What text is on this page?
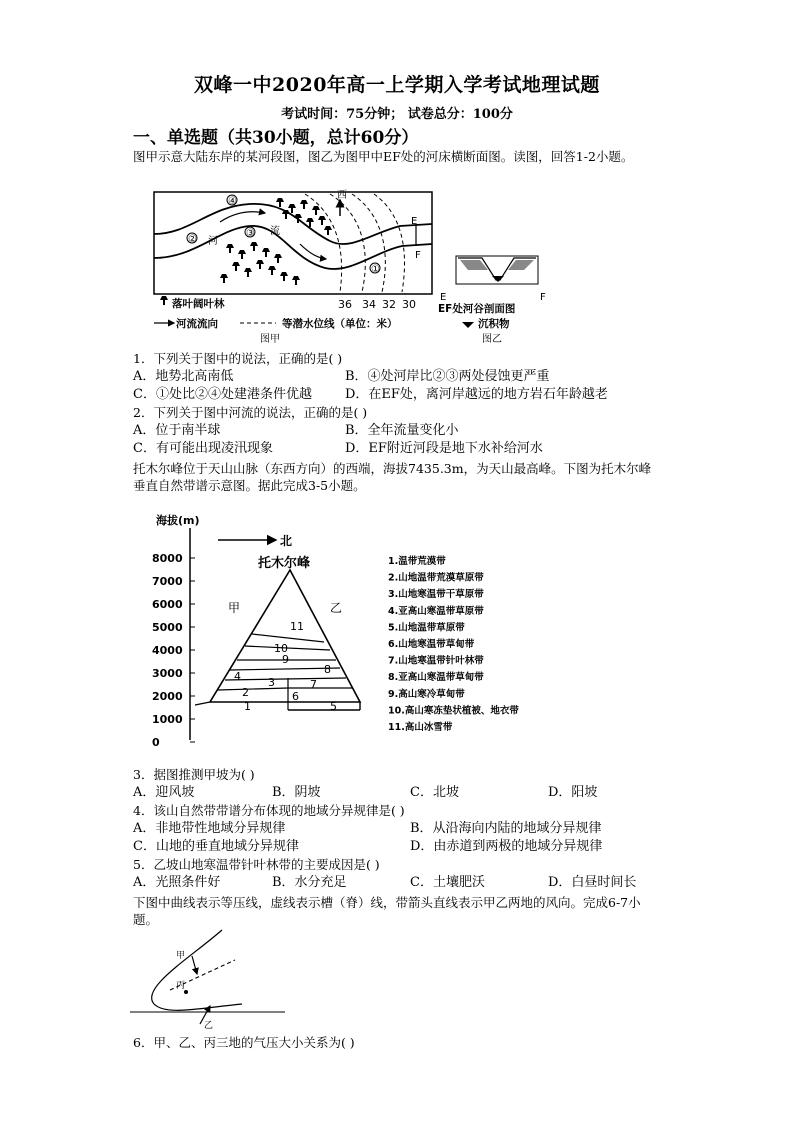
双峰一中2020年高一上学期入学考试地理试题
考试时间：75分钟； 试卷总分：100分
一、单选题（共30小题，总计60分）
图甲示意大陆东岸的某河段图，图乙为图甲中EF处的河床横断面图。读图，回答1-2小题。
西
河
流
①
②
③
④
E
F
36 34 32 30
落叶阔叶林
河流流向	等潜水位线（单位：米）
图甲
E	F
EF处河谷剖面图
沉积物
图乙
1．下列关于图中的说法，正确的是( )
A．地势北高南低	B．④处河岸比②③两处侵蚀更严重
C．①处比②④处建港条件优越	D．在EF处，离河岸越远的地方岩石年龄越老
2．下列关于图中河流的说法，正确的是( )
A．位于南半球	B．全年流量变化小
C．有可能出现凌汛现象	D．EF附近河段是地下水补给河水
托木尔峰位于天山山脉（东西方向）的西端，海拔7435.3m，为天山最高峰。下图为托木尔峰垂直自然带谱示意图。据此完成3-5小题。
海拔(m)
8000
7000
6000
5000
4000
3000
2000
1000
0
北
托木尔峰
甲	乙
11
10
9
8
4 3	7
2	6
1	5
1.温带荒漠带
2.山地温带荒漠草原带
3.山地寒温带干草原带
4.亚高山寒温带草原带
5.山地温带草原带
6.山地寒温带草甸带
7.山地寒温带针叶林带
8.亚高山寒温带草甸带
9.高山寒冷草甸带
10.高山寒冻垫状植被、地衣带
11.高山冰雪带
3．据图推测甲坡为( )
A．迎风坡	B．阴坡	C．北坡	D．阳坡
4．该山自然带带谱分布体现的地域分异规律是( )
A．非地带性地域分异规律	B．从沿海向内陆的地域分异规律
C．山地的垂直地域分异规律	D．由赤道到两极的地域分异规律
5．乙坡山地寒温带针叶林带的主要成因是( )
A．光照条件好	B．水分充足	C．土壤肥沃	D．白昼时间长
下图中曲线表示等压线，虚线表示槽（脊）线，带箭头直线表示甲乙两地的风向。完成6-7小题。
甲
丙
乙
6．甲、乙、丙三地的气压大小关系为( )
